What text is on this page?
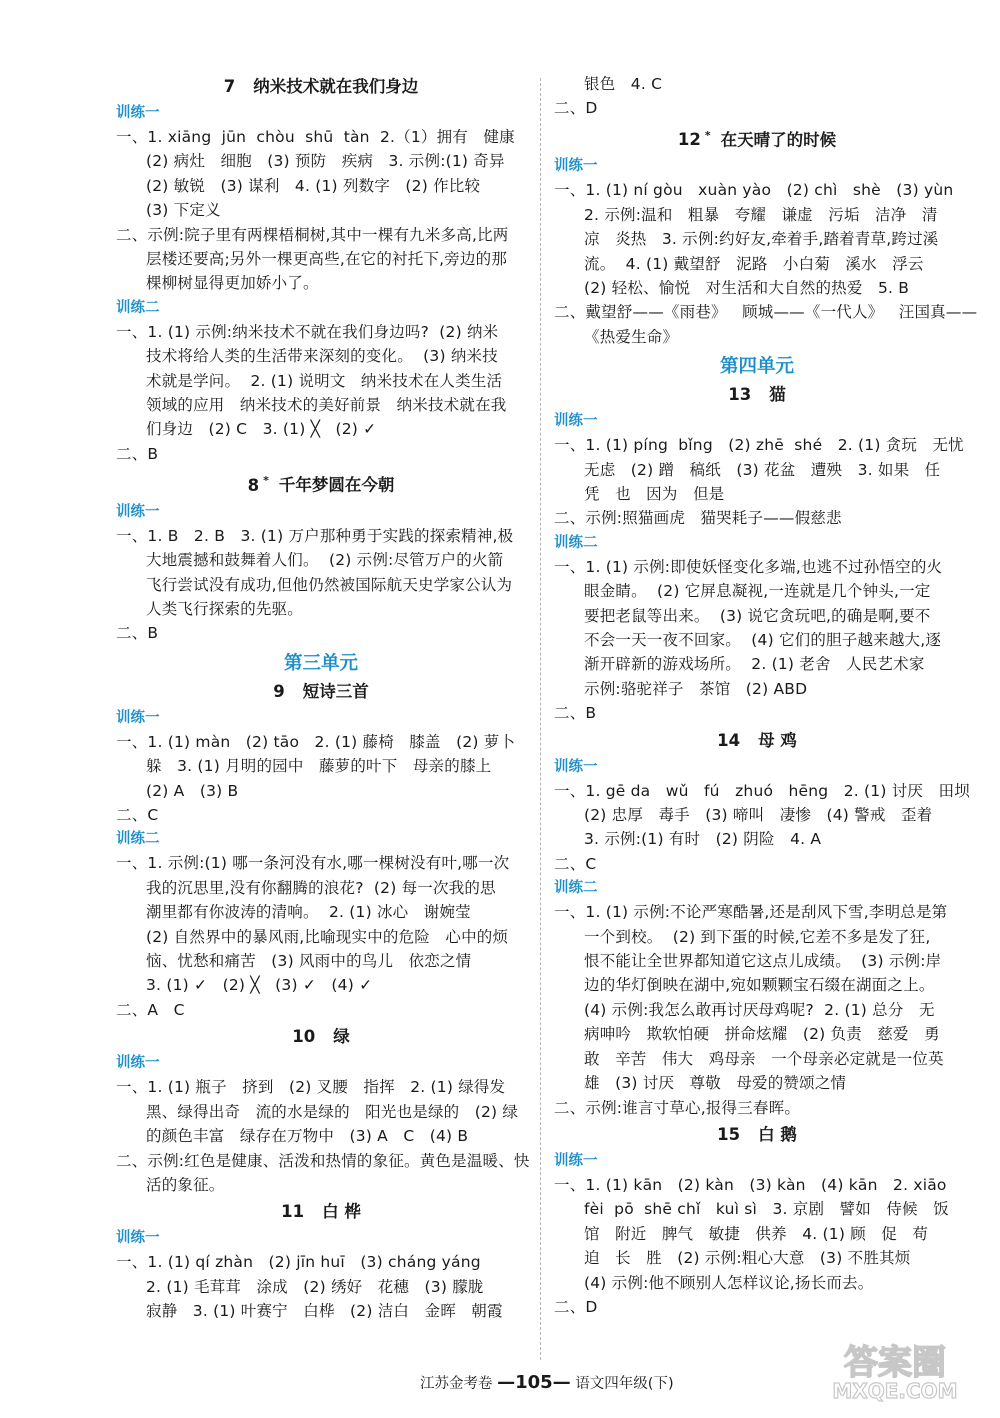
7 纳米技术就在我们身边
训练一
一、1. xiāng  jūn  chòu  shū  tàn  2.（1）拥有   健康
(2) 病灶   细胞   (3) 预防   疾病   3. 示例:(1) 奇异
(2) 敏锐   (3) 谋利   4. (1) 列数字   (2) 作比较
(3) 下定义
二、示例:院子里有两棵梧桐树,其中一棵有九米多高,比两
层楼还要高;另外一棵更高些,在它的衬托下,旁边的那
棵柳树显得更加娇小了。
训练二
一、1. (1) 示例:纳米技术不就在我们身边吗?  (2) 纳米
技术将给人类的生活带来深刻的变化。  (3) 纳米技
术就是学问。  2. (1) 说明文   纳米技术在人类生活
领域的应用   纳米技术的美好前景   纳米技术就在我
们身边   (2) C   3. (1) ╳   (2) ✓
二、B
8 * 千年梦圆在今朝
训练一
一、1. B   2. B   3. (1) 万户那种勇于实践的探索精神,极
大地震撼和鼓舞着人们。  (2) 示例:尽管万户的火箭
飞行尝试没有成功,但他仍然被国际航天史学家公认为
人类飞行探索的先驱。
二、B
第三单元
9 短诗三首
训练一
一、1. (1) màn   (2) tāo   2. (1) 藤椅   膝盖   (2) 萝卜
躲   3. (1) 月明的园中   藤萝的叶下   母亲的膝上
(2) A   (3) B
二、C
训练二
一、1. 示例:(1) 哪一条河没有水,哪一棵树没有叶,哪一次
我的沉思里,没有你翻腾的浪花?  (2) 每一次我的思
潮里都有你波涛的清响。  2. (1) 冰心   谢婉莹
(2) 自然界中的暴风雨,比喻现实中的危险   心中的烦
恼、忧愁和痛苦   (3) 风雨中的鸟儿   依恋之情
3. (1) ✓   (2) ╳   (3) ✓   (4) ✓
二、A   C
10 绿
训练一
一、1. (1) 瓶子   挤到   (2) 叉腰   指挥   2. (1) 绿得发
黑、绿得出奇   流的水是绿的   阳光也是绿的   (2) 绿
的颜色丰富   绿存在万物中   (3) A   C   (4) B
二、示例:红色是健康、活泼和热情的象征。黄色是温暖、快
活的象征。
11 白 桦
训练一
一、1. (1) qí zhàn   (2) jīn huī   (3) cháng yáng
2. (1) 毛茸茸   涂成   (2) 绣好   花穗   (3) 朦胧
寂静   3. (1) 叶赛宁   白桦   (2) 洁白   金晖   朝霞
银色   4. C
二、D
12 * 在天晴了的时候
训练一
一、1. (1) ní gòu   xuàn yào   (2) chì   shè   (3) yùn
2. 示例:温和   粗暴   夸耀   谦虚   污垢   洁净   清
凉   炎热   3. 示例:约好友,牵着手,踏着青草,跨过溪
流。  4. (1) 戴望舒   泥路   小白菊   溪水   浮云
(2) 轻松、愉悦   对生活和大自然的热爱   5. B
二、戴望舒——《雨巷》   顾城——《一代人》   汪国真——
《热爱生命》
第四单元
13 猫
训练一
一、1. (1) píng  bǐng   (2) zhē  shé   2. (1) 贪玩   无忧
无虑   (2) 蹭   稿纸   (3) 花盆   遭殃   3. 如果   任
凭   也   因为   但是
二、示例:照猫画虎   猫哭耗子——假慈悲
训练二
一、1. (1) 示例:即使妖怪变化多端,也逃不过孙悟空的火
眼金睛。  (2) 它屏息凝视,一连就是几个钟头,一定
要把老鼠等出来。  (3) 说它贪玩吧,的确是啊,要不
不会一天一夜不回家。  (4) 它们的胆子越来越大,逐
渐开辟新的游戏场所。  2. (1) 老舍   人民艺术家
示例:骆驼祥子   茶馆   (2) ABD
二、B
14 母 鸡
训练一
一、1. gē da   wǔ   fú   zhuó   hēng   2. (1) 讨厌   田坝
(2) 忠厚   毒手   (3) 啼叫   凄惨   (4) 警戒   歪着
3. 示例:(1) 有时   (2) 阴险   4. A
二、C
训练二
一、1. (1) 示例:不论严寒酷暑,还是刮风下雪,李明总是第
一个到校。  (2) 到下蛋的时候,它差不多是发了狂,
恨不能让全世界都知道它这点儿成绩。  (3) 示例:岸
边的华灯倒映在湖中,宛如颗颗宝石缀在湖面之上。
(4) 示例:我怎么敢再讨厌母鸡呢?  2. (1) 总分   无
病呻吟   欺软怕硬   拼命炫耀   (2) 负责   慈爱   勇
敢   辛苦   伟大   鸡母亲   一个母亲必定就是一位英
雄   (3) 讨厌   尊敬   母爱的赞颂之情
二、示例:谁言寸草心,报得三春晖。
15 白 鹅
训练一
一、1. (1) kān   (2) kàn   (3) kàn   (4) kān   2. xiāo
fèi  pō  shē chǐ   kuì sì   3. 京剧   譬如   侍候   饭
馆   附近   脾气   敏捷   供养   4. (1) 顾   促   苟
迫   长   胜   (2) 示例:粗心大意   (3) 不胜其烦
(4) 示例:他不顾别人怎样议论,扬长而去。
二、D
江苏金考卷 —105— 语文四年级(下)
答案圈
MXQE.COM
